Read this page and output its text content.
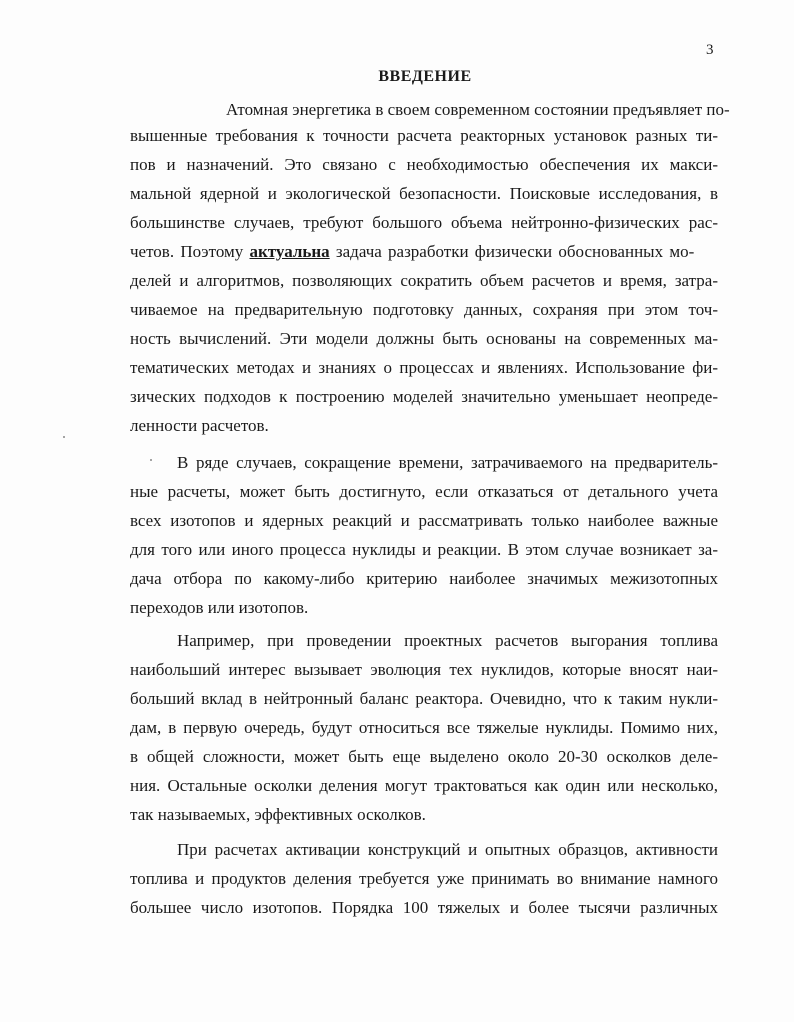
3
ВВЕДЕНИЕ
Атомная энергетика в своем современном состоянии предъявляет по-
вышенные требования к точности расчета реакторных установок разных ти-
пов и назначений. Это связано с необходимостью обеспечения их макси-
мальной ядерной и экологической безопасности. Поисковые исследования, в
большинстве случаев, требуют большого объема нейтронно-физических рас-
четов. Поэтому актуальна задача разработки физически обоснованных мо-
делей и алгоритмов, позволяющих сократить объем расчетов и время, затра-
чиваемое на предварительную подготовку данных, сохраняя при этом точ-
ность вычислений. Эти модели должны быть основаны на современных ма-
тематических методах и знаниях о процессах и явлениях. Использование фи-
зических подходов к построению моделей значительно уменьшает неопреде-
ленности расчетов.
В ряде случаев, сокращение времени, затрачиваемого на предваритель-
ные расчеты, может быть достигнуто, если отказаться от детального учета
всех изотопов и ядерных реакций и рассматривать только наиболее важные
для того или иного процесса нуклиды и реакции. В этом случае возникает за-
дача отбора по какому-либо критерию наиболее значимых межизотопных
переходов или изотопов.
Например, при проведении проектных расчетов выгорания топлива
наибольший интерес вызывает эволюция тех нуклидов, которые вносят наи-
больший вклад в нейтронный баланс реактора. Очевидно, что к таким нукли-
дам, в первую очередь, будут относиться все тяжелые нуклиды. Помимо них,
в общей сложности, может быть еще выделено около 20-30 осколков деле-
ния. Остальные осколки деления могут трактоваться как один или несколько,
так называемых, эффективных осколков.
При расчетах активации конструкций и опытных образцов, активности
топлива и продуктов деления требуется уже принимать во внимание намного
большее число изотопов. Порядка 100 тяжелых и более тысячи различных
